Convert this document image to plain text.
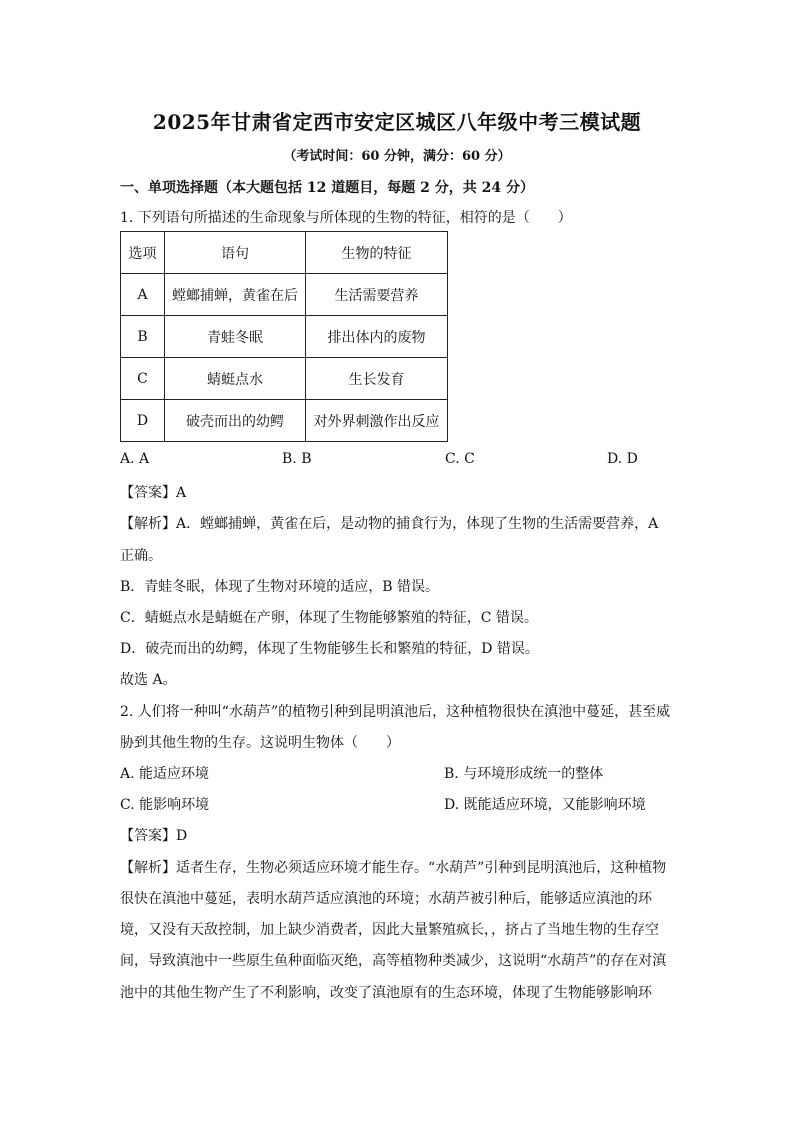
2025年甘肃省定西市安定区城区八年级中考三模试题
（考试时间：60 分钟，满分：60 分）
一、单项选择题（本大题包括 12 道题目，每题 2 分，共 24 分）
1. 下列语句所描述的生命现象与所体现的生物的特征，相符的是（　　）
选项	语句	生物的特征
A	螳螂捕蝉，黄雀在后	生活需要营养
B	青蛙冬眠	排出体内的废物
C	蜻蜓点水	生长发育
D	破壳而出的幼鳄	对外界刺激作出反应
A. A	B. B	C. C	D. D
【答案】A
【解析】A．螳螂捕蝉，黄雀在后，是动物的捕食行为，体现了生物的生活需要营养，A
正确。
B．青蛙冬眠，体现了生物对环境的适应，B 错误。
C．蜻蜓点水是蜻蜓在产卵，体现了生物能够繁殖的特征，C 错误。
D．破壳而出的幼鳄，体现了生物能够生长和繁殖的特征，D 错误。
故选 A。
2. 人们将一种叫“水葫芦”的植物引种到昆明滇池后，这种植物很快在滇池中蔓延，甚至威
胁到其他生物的生存。这说明生物体（　　）
A. 能适应环境	B. 与环境形成统一的整体
C. 能影响环境	D. 既能适应环境，又能影响环境
【答案】D
【解析】适者生存，生物必须适应环境才能生存。“水葫芦”引种到昆明滇池后，这种植物
很快在滇池中蔓延，表明水葫芦适应滇池的环境；水葫芦被引种后，能够适应滇池的环
境，又没有天敌控制，加上缺少消费者，因此大量繁殖疯长，，挤占了当地生物的生存空
间，导致滇池中一些原生鱼种面临灭绝，高等植物种类减少，这说明“水葫芦”的存在对滇
池中的其他生物产生了不利影响，改变了滇池原有的生态环境，体现了生物能够影响环
